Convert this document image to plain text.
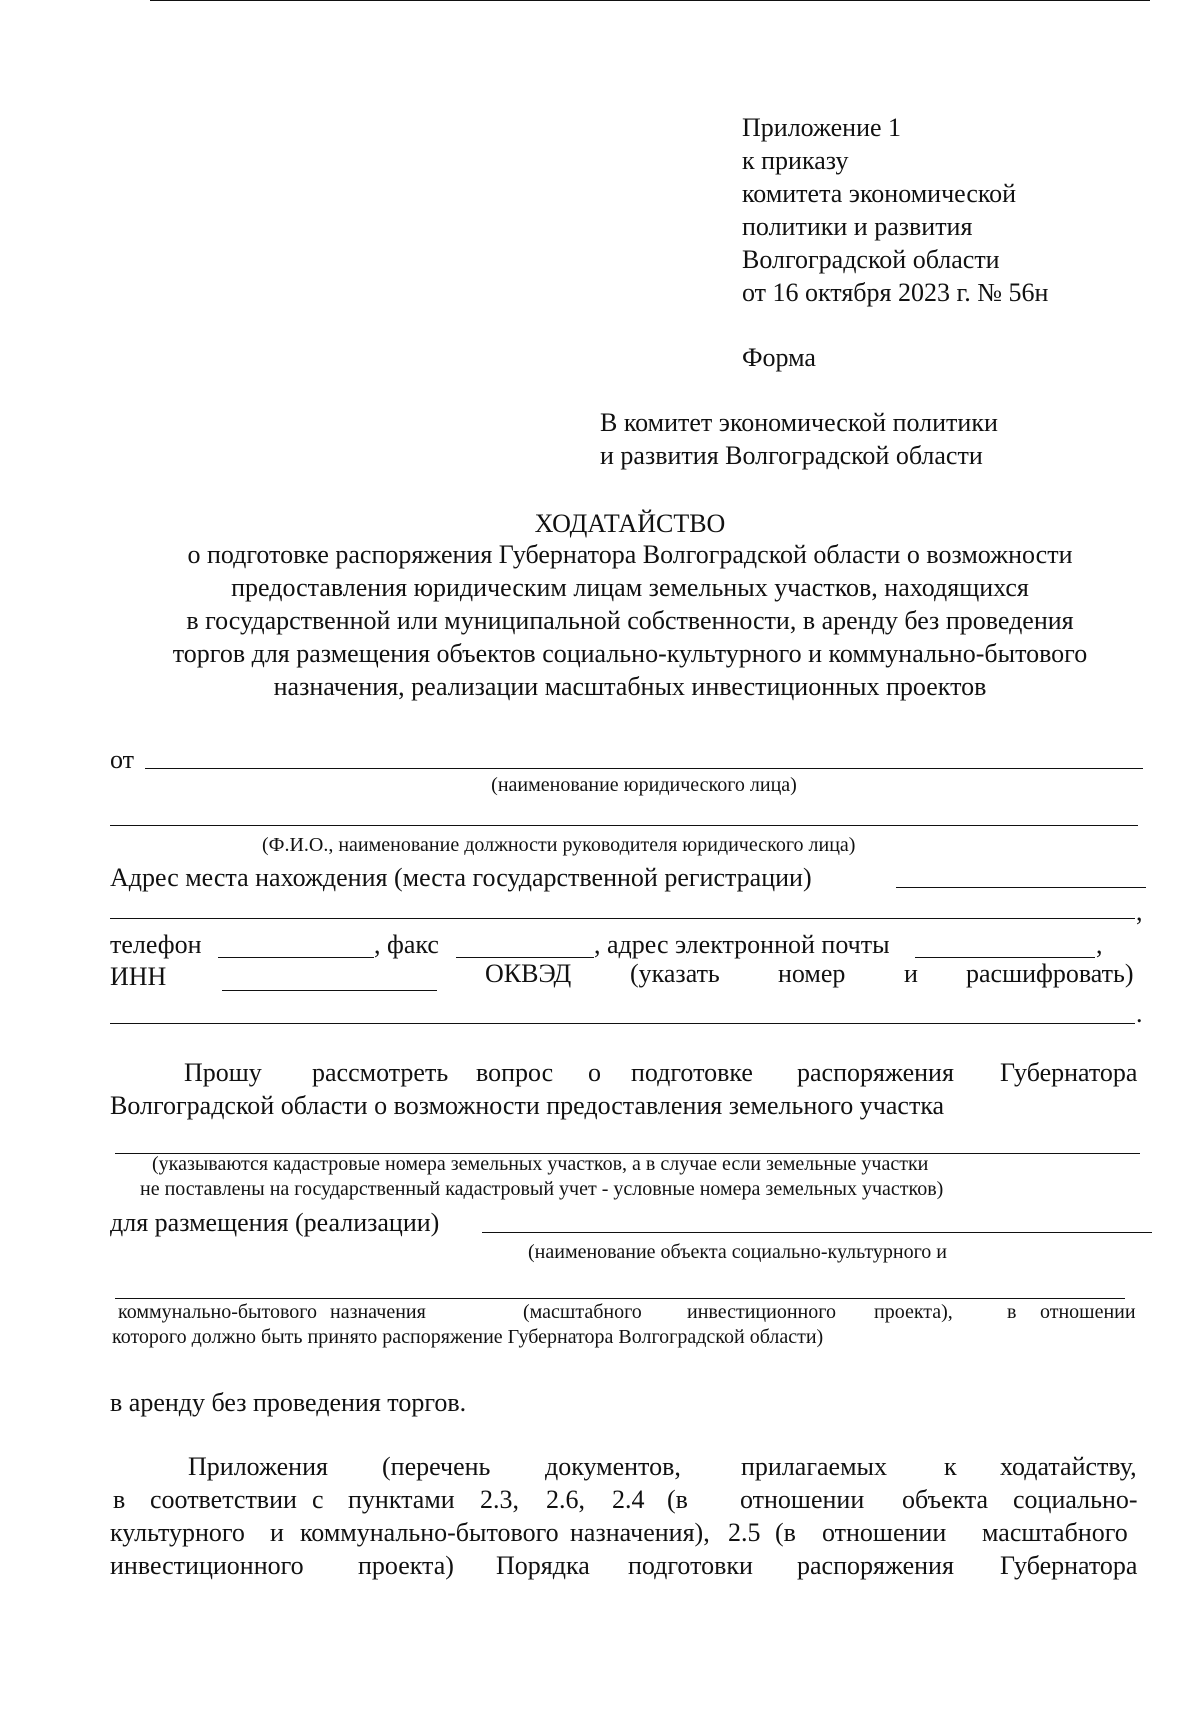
Приложение 1
к приказу
комитета экономической
политики и развития
Волгоградской области
от 16 октября 2023 г. № 56н
Форма
В комитет экономической политики
и развития Волгоградской области
ХОДАТАЙСТВО
о подготовке распоряжения Губернатора Волгоградской области о возможности
предоставления юридическим лицам земельных участков, находящихся
в государственной или муниципальной собственности, в аренду без проведения
торгов для размещения объектов социально-культурного и коммунально-бытового
назначения, реализации масштабных инвестиционных проектов
от
(наименование юридического лица)
(Ф.И.О., наименование должности руководителя юридического лица)
Адрес места нахождения (места государственной регистрации)
,
телефон	, факс	, адрес электронной почты	,
ИНН	ОКВЭД (указать номер и расшифровать)
.
Прошу рассмотреть вопрос о подготовке распоряжения Губернатора
Волгоградской области о возможности предоставления земельного участка
(указываются кадастровые номера земельных участков, а в случае если земельные участки
не поставлены на государственный кадастровый учет - условные номера земельных участков)
для размещения (реализации)
(наименование объекта социально-культурного и
коммунально-бытового назначения	(масштабного инвестиционного проекта),	в отношении
которого должно быть принято распоряжение Губернатора Волгоградской области)
в аренду без проведения торгов.
Приложения (перечень документов, прилагаемых к ходатайству,
в соответствии с пунктами 2.3, 2.6, 2.4 (в отношении объекта социально-
культурного и коммунально-бытового назначения), 2.5 (в отношении масштабного
инвестиционного проекта) Порядка подготовки распоряжения Губернатора
